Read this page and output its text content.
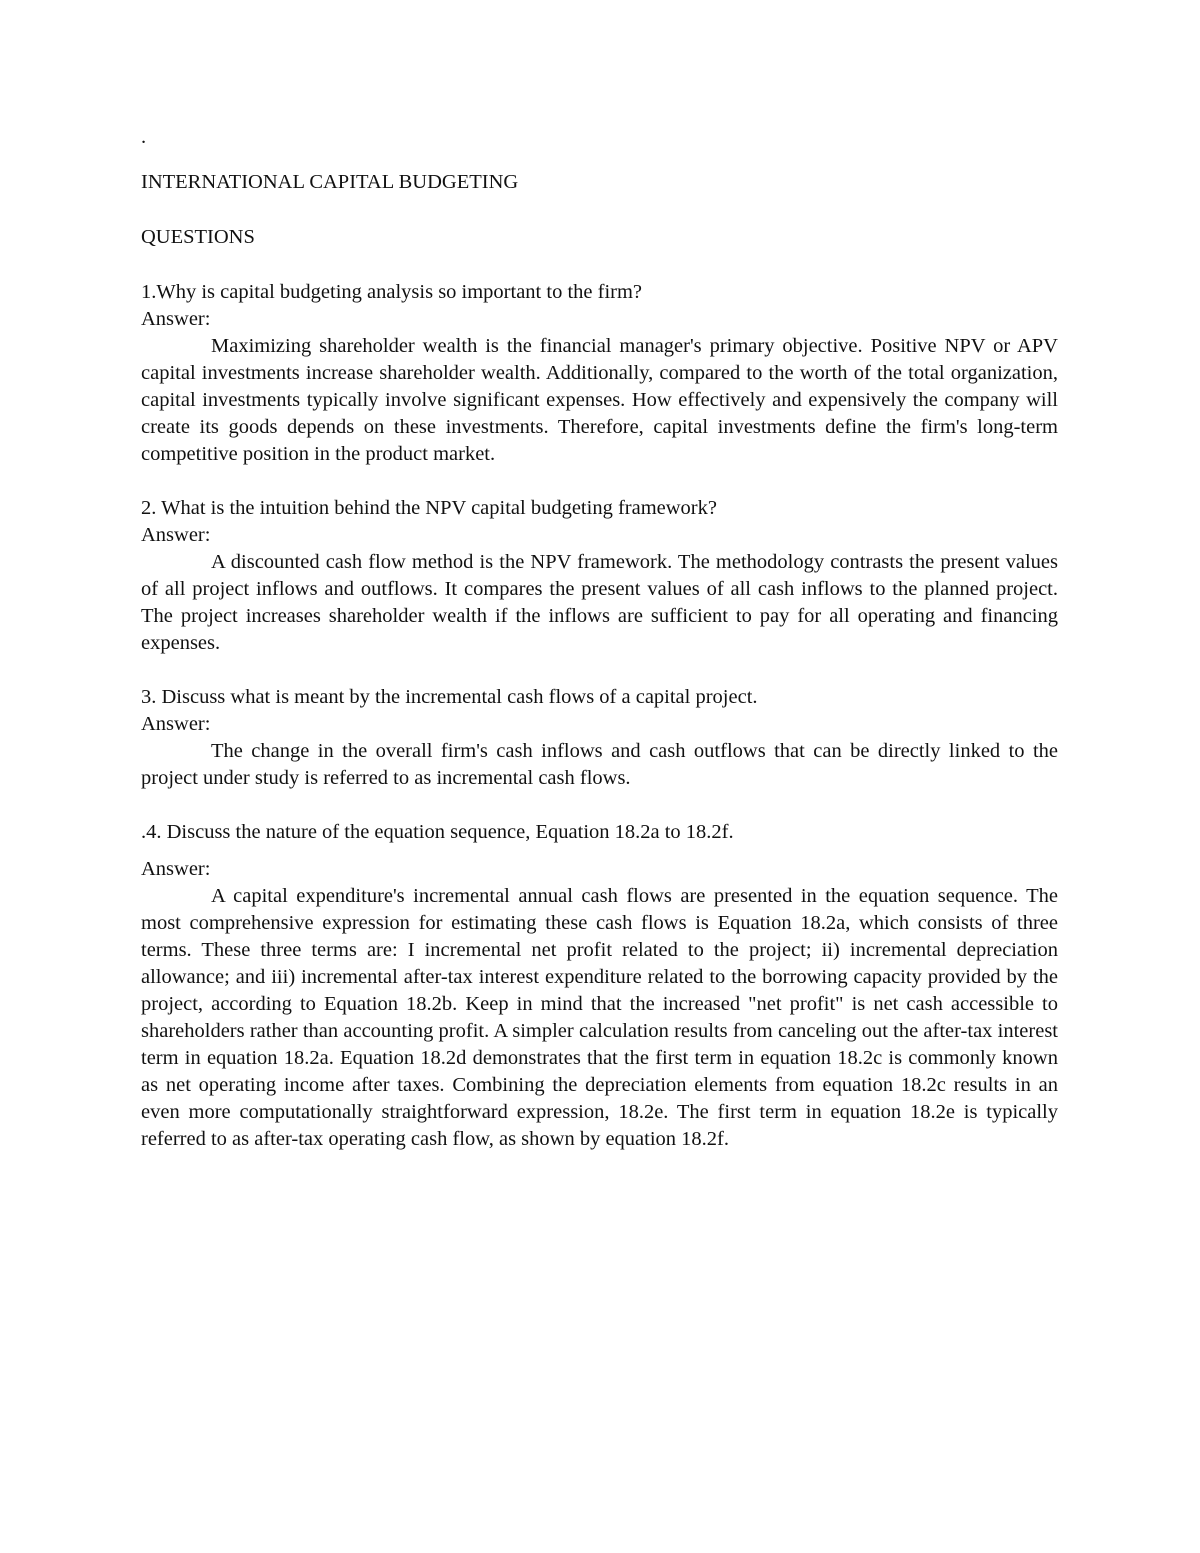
.
INTERNATIONAL CAPITAL BUDGETING
QUESTIONS

1.Why is capital budgeting analysis so important to the firm?

Answer:

Maximizing shareholder wealth is the financial manager's primary objective. Positive NPV or APV capital investments increase shareholder wealth. Additionally, compared to the worth of the total organization, capital investments typically involve significant expenses. How effectively and expensively the company will create its goods depends on these investments. Therefore, capital investments define the firm's long-term competitive position in the product market.

2. What is the intuition behind the NPV capital budgeting framework?

Answer:

A discounted cash flow method is the NPV framework. The methodology contrasts the present values of all project inflows and outflows. It compares the present values of all cash inflows to the planned project. The project increases shareholder wealth if the inflows are sufficient to pay for all operating and financing expenses.

3. Discuss what is meant by the incremental cash flows of a capital project.

Answer:

The change in the overall firm's cash inflows and cash outflows that can be directly linked to the project under study is referred to as incremental cash flows.

.4. Discuss the nature of the equation sequence, Equation 18.2a to 18.2f.

Answer:

A capital expenditure's incremental annual cash flows are presented in the equation sequence. The most comprehensive expression for estimating these cash flows is Equation 18.2a, which consists of three terms. These three terms are: I incremental net profit related to the project; ii) incremental depreciation allowance; and iii) incremental after-tax interest expenditure related to the borrowing capacity provided by the project, according to Equation 18.2b. Keep in mind that the increased "net profit" is net cash accessible to shareholders rather than accounting profit. A simpler calculation results from canceling out the after-tax interest term in equation 18.2a. Equation 18.2d demonstrates that the first term in equation 18.2c is commonly known as net operating income after taxes. Combining the depreciation elements from equation 18.2c results in an even more computationally straightforward expression, 18.2e. The first term in equation 18.2e is typically referred to as after-tax operating cash flow, as shown by equation 18.2f.
